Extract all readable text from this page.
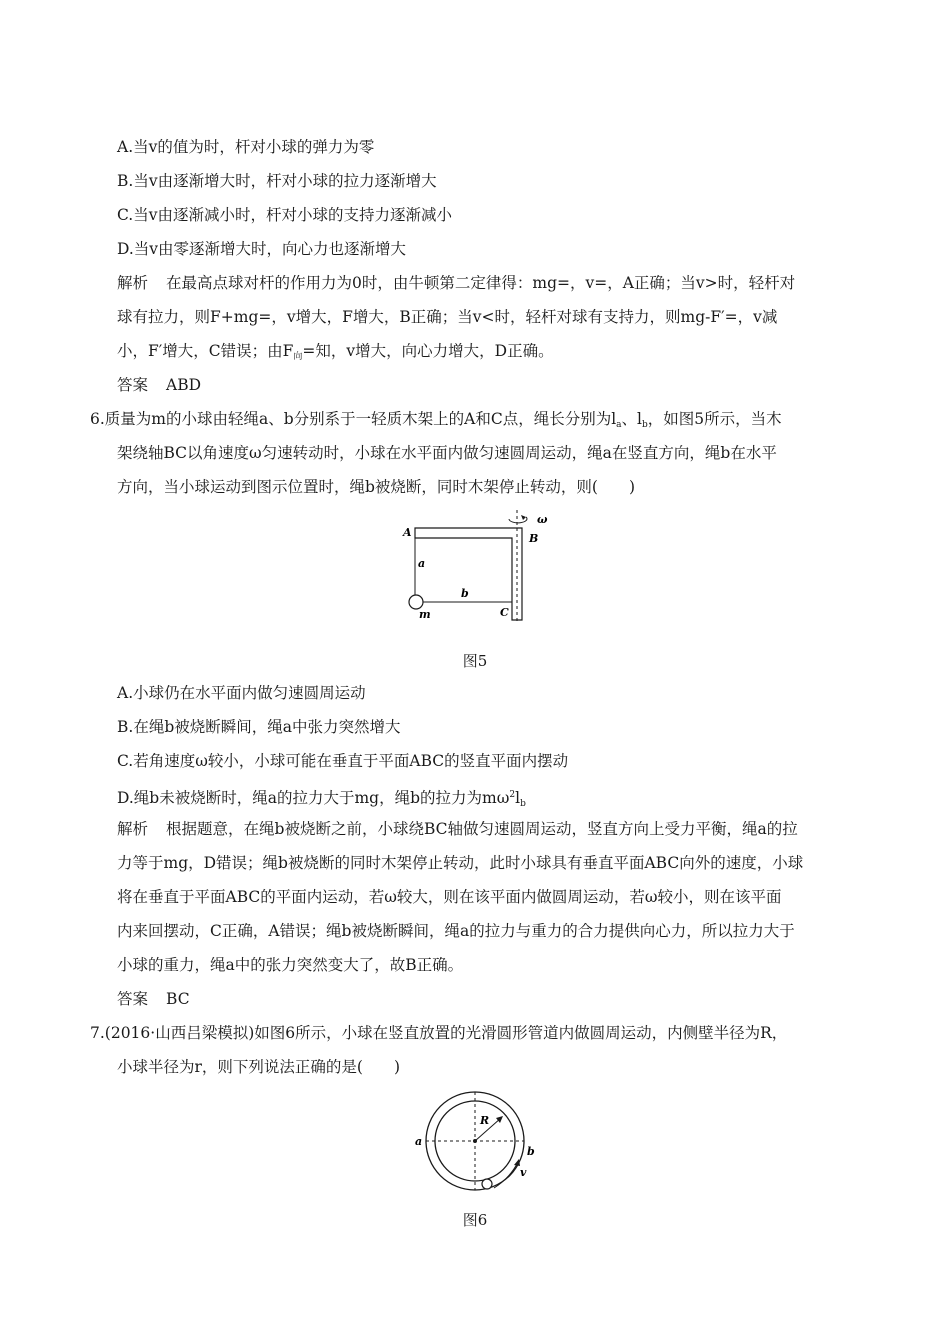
A.当v的值为时，杆对小球的弹力为零
B.当v由逐渐增大时，杆对小球的拉力逐渐增大
C.当v由逐渐减小时，杆对小球的支持力逐渐减小
D.当v由零逐渐增大时，向心力也逐渐增大
解析 在最高点球对杆的作用力为0时，由牛顿第二定律得：mg=，v=，A正确；当v>时，轻杆对
球有拉力，则F+mg=，v增大，F增大，B正确；当v<时，轻杆对球有支持力，则mg-F′=，v减
小，F′增大，C错误；由$F_向=$知，v增大，向心力增大，D正确。
答案 ABD
6.质量为m的小球由轻绳a、b分别系于一轻质木架上的A和C点，绳长分别为$l_a$、$l_b$，如图5所示，当木
架绕轴BC以角速度ω匀速转动时，小球在水平面内做匀速圆周运动，绳a在竖直方向，绳b在水平
方向，当小球运动到图示位置时，绳b被烧断，同时木架停止转动，则(　　)
A	B
C
a
b
m
ω
图5
A.小球仍在水平面内做匀速圆周运动
B.在绳b被烧断瞬间，绳a中张力突然增大
C.若角速度ω较小，小球可能在垂直于平面ABC的竖直平面内摆动
D.绳b未被烧断时，绳a的拉力大于mg，绳b的拉力为$m\omega^2l_b$
解析 根据题意，在绳b被烧断之前，小球绕BC轴做匀速圆周运动，竖直方向上受力平衡，绳a的拉
力等于mg，D错误；绳b被烧断的同时木架停止转动，此时小球具有垂直平面ABC向外的速度，小球
将在垂直于平面ABC的平面内运动，若ω较大，则在该平面内做圆周运动，若ω较小，则在该平面
内来回摆动，C正确，A错误；绳b被烧断瞬间，绳a的拉力与重力的合力提供向心力，所以拉力大于
小球的重力，绳a中的张力突然变大了，故B正确。
答案 BC
7.(2016·山西吕梁模拟)如图6所示，小球在竖直放置的光滑圆形管道内做圆周运动，内侧壁半径为R，
小球半径为r，则下列说法正确的是(　　)
R
a
b
v
图6
